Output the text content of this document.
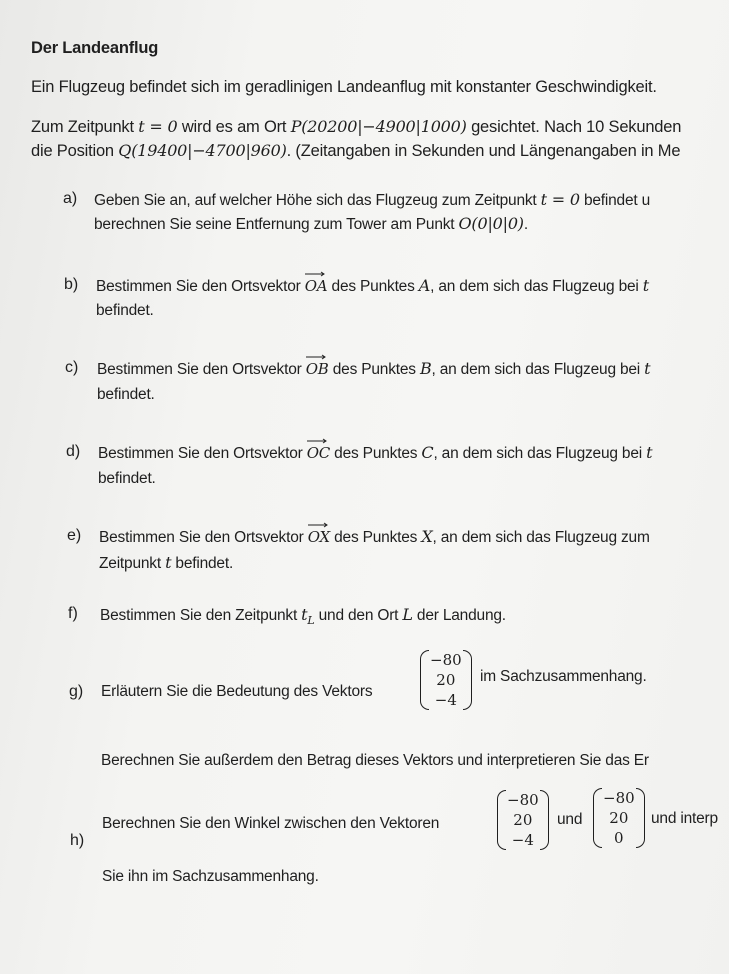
Der Landeanflug
Ein Flugzeug befindet sich im geradlinigen Landeanflug mit konstanter Geschwindigkeit.
Zum Zeitpunkt t = 0 wird es am Ort P(20200|−4900|1000) gesichtet. Nach 10 Sekunden
die Position Q(19400|−4700|960). (Zeitangaben in Sekunden und Längenangaben in Me
a) Geben Sie an, auf welcher Höhe sich das Flugzeug zum Zeitpunkt t = 0 befindet u
berechnen Sie seine Entfernung zum Tower am Punkt O(0|0|0).
b) Bestimmen Sie den Ortsvektor
OA des Punktes A, an dem sich das Flugzeug bei t
befindet.
c) Bestimmen Sie den Ortsvektor
OB des Punktes B, an dem sich das Flugzeug bei t
befindet.
d) Bestimmen Sie den Ortsvektor
OC des Punktes C, an dem sich das Flugzeug bei t
befindet.
e) Bestimmen Sie den Ortsvektor
OX des Punktes X, an dem sich das Flugzeug zum
Zeitpunkt t befindet.
f) Bestimmen Sie den Zeitpunkt $t_L$ und den Ort L der Landung.
g) Erläutern Sie die Bedeutung des Vektors
−80
20
−4
im Sachzusammenhang.
Berechnen Sie außerdem den Betrag dieses Vektors und interpretieren Sie das Er
h)
Berechnen Sie den Winkel zwischen den Vektoren
−80
20
−4
und
−80
20
0
und interp
Sie ihn im Sachzusammenhang.
